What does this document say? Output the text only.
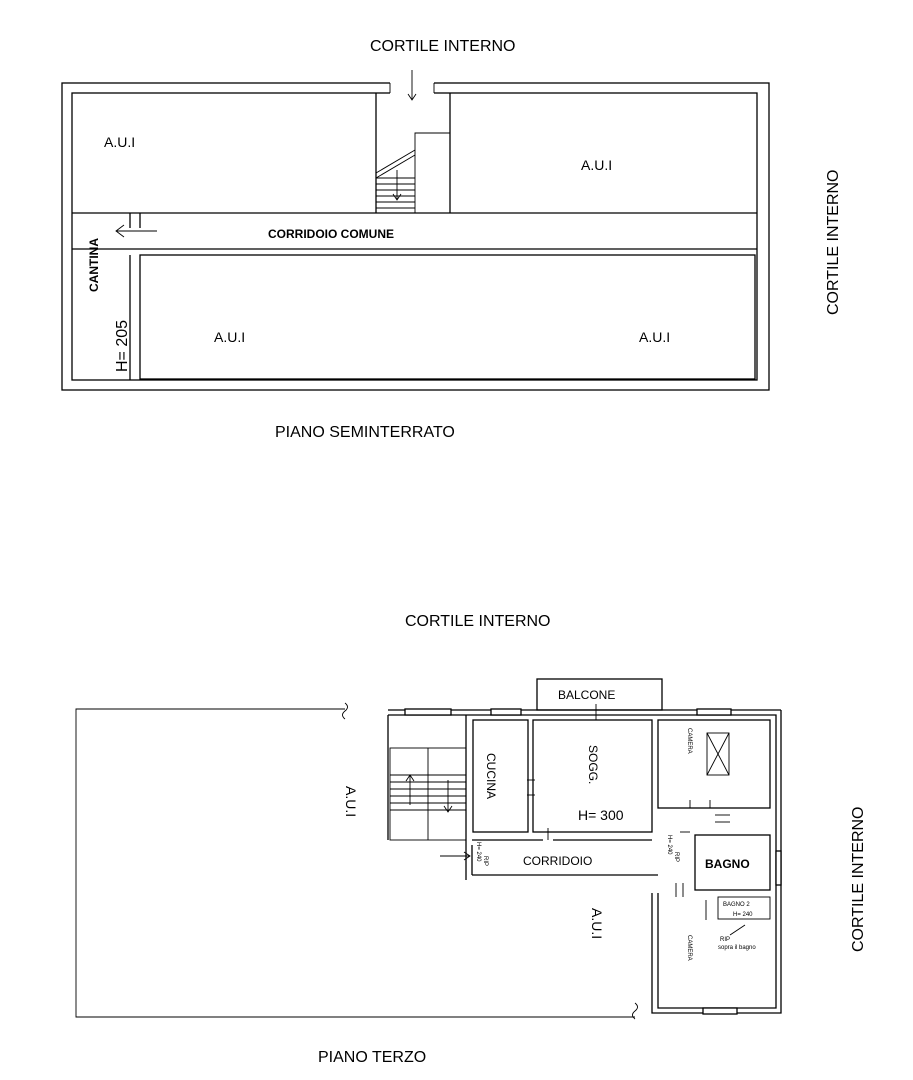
A.U.I
A.U.I
A.U.I	A.U.I
CORRIDOIO COMUNE
CANTINA
H= 205
CORTILE INTERNO
CORTILE INTERNO
PIANO SEMINTERRATO
CORTILE INTERNO
CORTILE INTERNO
PIANO TERZO
BALCONE
CUCINA	SOGG.
H= 300
CAMERA
CAMERA
CORRIDOIO	BAGNO
BAGNO 2
H= 240
RIP
sopra il bagno
H= 240 RIP
H= 240
RIP
A.U.I
A.U.I
